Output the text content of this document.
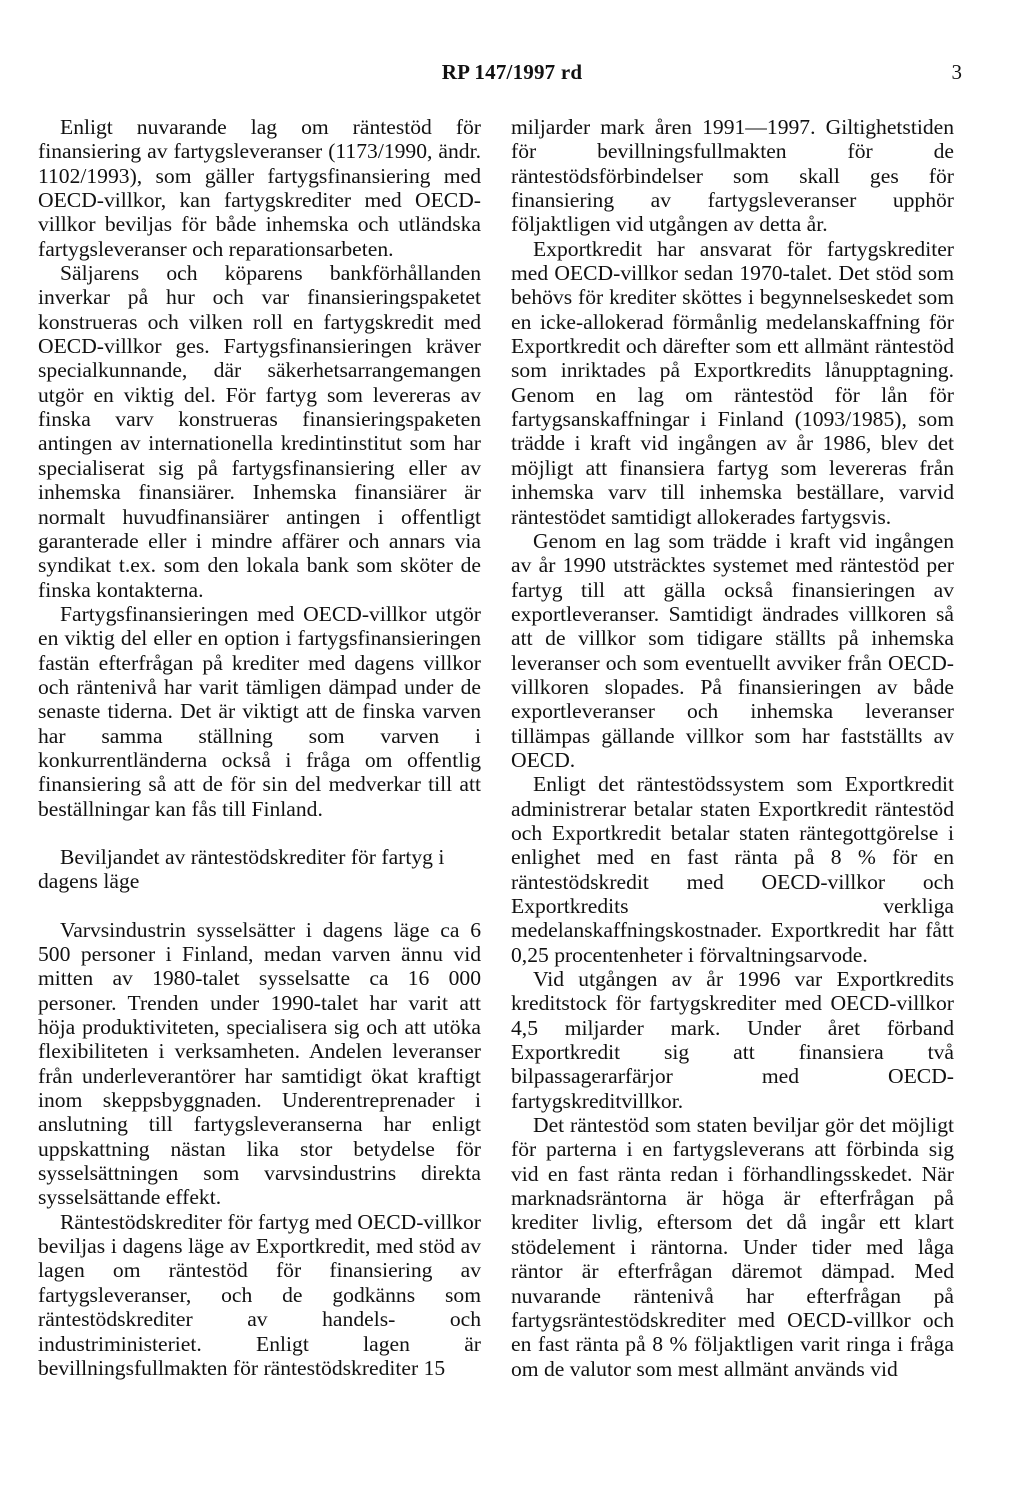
RP 147/1997 rd	3

Enligt nuvarande lag om räntestöd för finansiering av fartygsleveranser (1173/1990, ändr. 1102/1993), som gäller fartygsfinansiering med OECD-villkor, kan fartygskrediter med OECD-villkor beviljas för både inhemska och utländska fartygsleveranser och reparationsarbeten.

Säljarens och köparens bankförhållanden inverkar på hur och var finansieringspaketet konstrueras och vilken roll en fartygskredit med OECD-villkor ges. Fartygsfinansieringen kräver specialkunnande, där säkerhetsarrangemangen utgör en viktig del. För fartyg som levereras av finska varv konstrueras finansieringspaketen antingen av internationella kredintinstitut som har specialiserat sig på fartygsfinansiering eller av inhemska finansiärer. Inhemska finansiärer är normalt huvudfinansiärer antingen i offentligt garanterade eller i mindre affärer och annars via syndikat t.ex. som den lokala bank som sköter de finska kontakterna.

Fartygsfinansieringen med OECD-villkor utgör en viktig del eller en option i fartygsfinansieringen fastän efterfrågan på krediter med dagens villkor och räntenivå har varit tämligen dämpad under de senaste tiderna. Det är viktigt att de finska varven har samma ställning som varven i konkurrentländerna också i fråga om offentlig finansiering så att de för sin del medverkar till att beställningar kan fås till Finland.

Beviljandet av räntestödskrediter för fartyg i dagens läge

Varvsindustrin sysselsätter i dagens läge ca 6 500 personer i Finland, medan varven ännu vid mitten av 1980-talet sysselsatte ca 16 000 personer. Trenden under 1990-talet har varit att höja produktiviteten, specialisera sig och att utöka flexibiliteten i verksamheten. Andelen leveranser från underleverantörer har samtidigt ökat kraftigt inom skeppsbyggnaden. Underentreprenader i anslutning till fartygsleveranserna har enligt uppskattning nästan lika stor betydelse för sysselsättningen som varvsindustrins direkta sysselsättande effekt.

Räntestödskrediter för fartyg med OECD-villkor beviljas i dagens läge av Exportkredit, med stöd av lagen om räntestöd för finansiering av fartygsleveranser, och de godkänns som räntestödskrediter av handels- och industriministeriet. Enligt lagen är bevillningsfullmakten för räntestödskrediter 15

miljarder mark åren 1991—1997. Giltighetstiden för bevillningsfullmakten för de räntestödsförbindelser som skall ges för finansiering av fartygsleveranser upphör följaktligen vid utgången av detta år.

Exportkredit har ansvarat för fartygskrediter med OECD-villkor sedan 1970-talet. Det stöd som behövs för krediter sköttes i begynnelseskedet som en icke-allokerad förmånlig medelanskaffning för Exportkredit och därefter som ett allmänt räntestöd som inriktades på Exportkredits lånupptagning. Genom en lag om räntestöd för lån för fartygsanskaffningar i Finland (1093/1985), som trädde i kraft vid ingången av år 1986, blev det möjligt att finansiera fartyg som levereras från inhemska varv till inhemska beställare, varvid räntestödet samtidigt allokerades fartygsvis.

Genom en lag som trädde i kraft vid ingången av år 1990 utsträcktes systemet med räntestöd per fartyg till att gälla också finansieringen av exportleveranser. Samtidigt ändrades villkoren så att de villkor som tidigare ställts på inhemska leveranser och som eventuellt avviker från OECD-villkoren slopades. På finansieringen av både exportleveranser och inhemska leveranser tillämpas gällande villkor som har fastställts av OECD.

Enligt det räntestödssystem som Exportkredit administrerar betalar staten Exportkredit räntestöd och Exportkredit betalar staten räntegottgörelse i enlighet med en fast ränta på 8 % för en räntestödskredit med OECD-villkor och Exportkredits verkliga medelanskaffningskostnader. Exportkredit har fått 0,25 procentenheter i förvaltningsarvode.

Vid utgången av år 1996 var Exportkredits kreditstock för fartygskrediter med OECD-villkor 4,5 miljarder mark. Under året förband Exportkredit sig att finansiera två bilpassagerarfärjor med OECD-fartygskreditvillkor.

Det räntestöd som staten beviljar gör det möjligt för parterna i en fartygsleverans att förbinda sig vid en fast ränta redan i förhandlingsskedet. När marknadsräntorna är höga är efterfrågan på krediter livlig, eftersom det då ingår ett klart stödelement i räntorna. Under tider med låga räntor är efterfrågan däremot dämpad. Med nuvarande räntenivå har efterfrågan på fartygsräntestödskrediter med OECD-villkor och en fast ränta på 8 % följaktligen varit ringa i fråga om de valutor som mest allmänt används vid
